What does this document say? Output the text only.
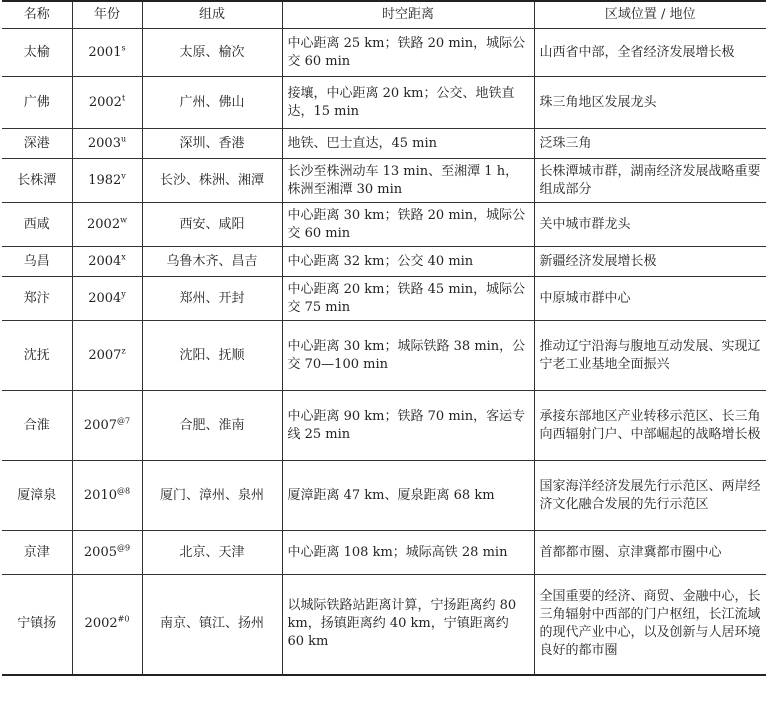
名称	年份	组成	时空距离	区域位置 / 地位
太榆	2001$^s$	太原、榆次	中心距离 25 km；铁路 20 min，城际公交 60 min	山西省中部，全省经济发展增长极
广佛	2002$^t$	广州、佛山	接壤，中心距离 20 km；公交、地铁直达，15 min	珠三角地区发展龙头
深港	2003$^u$	深圳、香港	地铁、巴士直达，45 min	泛珠三角
长株潭	1982$^v$	长沙、株洲、湘潭	长沙至株洲动车 13 min、至湘潭 1 h，株洲至湘潭 30 min	长株潭城市群，湖南经济发展战略重要组成部分
西咸	2002$^w$	西安、咸阳	中心距离 30 km；铁路 20 min，城际公交 60 min	关中城市群龙头
乌昌	2004$^x$	乌鲁木齐、昌吉	中心距离 32 km；公交 40 min	新疆经济发展增长极
郑汴	2004$^y$	郑州、开封	中心距离 20 km；铁路 45 min，城际公交 75 min	中原城市群中心
沈抚	2007$^z$	沈阳、抚顺	中心距离 30 km；城际铁路 38 min，公交 70—100 min	推动辽宁沿海与腹地互动发展、实现辽宁老工业基地全面振兴
合淮	$2007^{@7}$	合肥、淮南	中心距离 90 km；铁路 70 min，客运专线 25 min	承接东部地区产业转移示范区、长三角向西辐射门户、中部崛起的战略增长极
厦漳泉	$2010^{@8}$	厦门、漳州、泉州	厦漳距离 47 km、厦泉距离 68 km	国家海洋经济发展先行示范区、两岸经济文化融合发展的先行示范区
京津	$2005^{@9}$	北京、天津	中心距离 108 km；城际高铁 28 min	首都都市圈、京津冀都市圈中心
宁镇扬	2002$^{\#0}$	南京、镇江、扬州	以城际铁路站距离计算，宁扬距离约 80 km，扬镇距离约 40 km，宁镇距离约 60 km	全国重要的经济、商贸、金融中心，长三角辐射中西部的门户枢纽，长江流域的现代产业中心，以及创新与人居环境良好的都市圈
